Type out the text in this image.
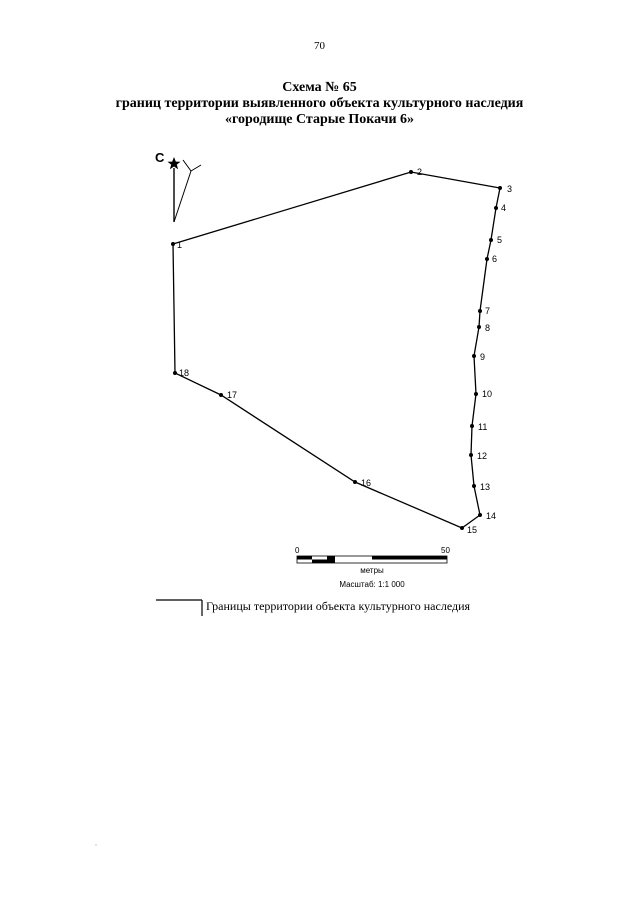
70
Схема № 65
границ территории выявленного объекта культурного наследия
«городище Старые Покачи 6»
С
1
2
3
4
5
6
7
8
9
10
11
12
13
14
15
16
17
18
0	50
метры
Масштаб: 1:1 000
Границы территории объекта культурного наследия
